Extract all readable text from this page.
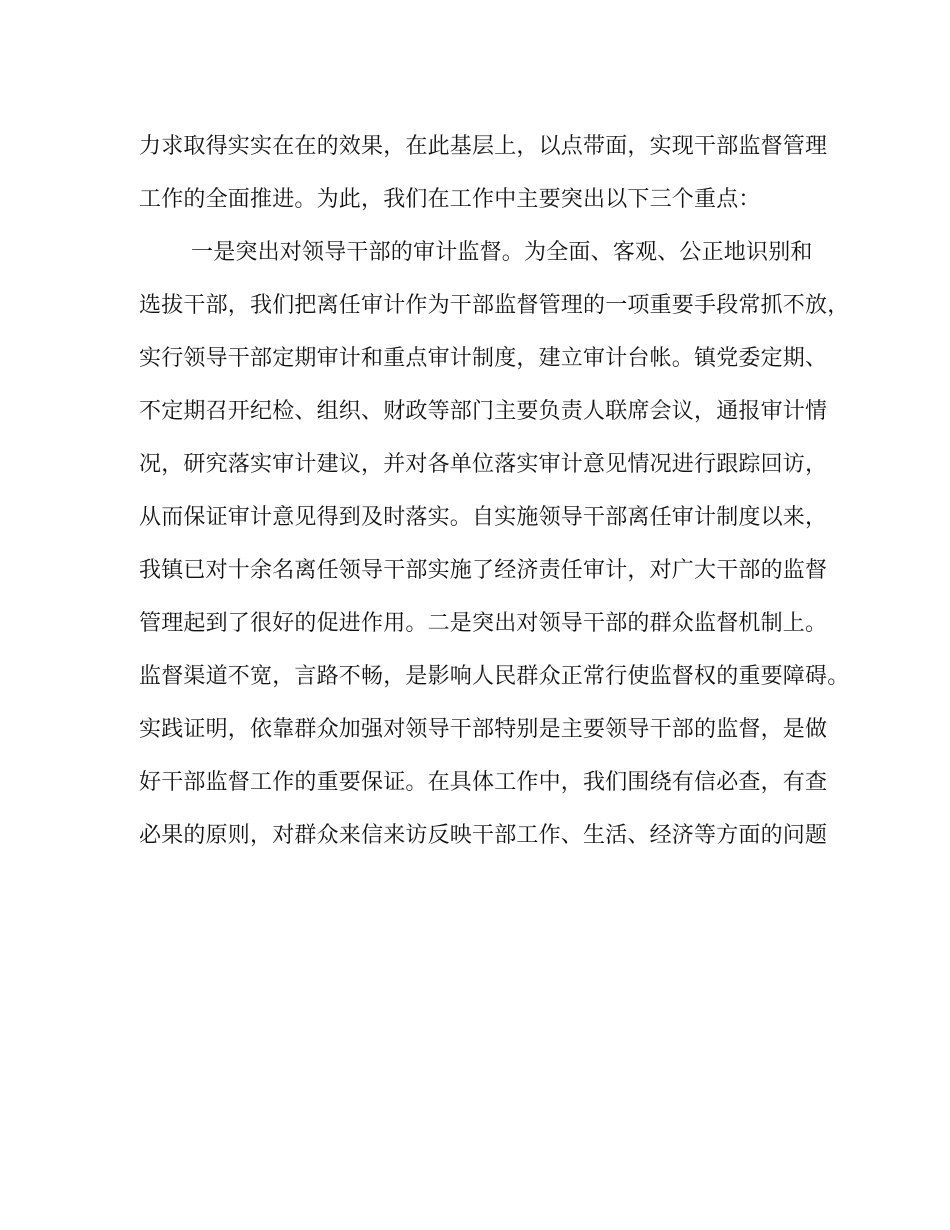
力求取得实实在在的效果，在此基层上，以点带面，实现干部监督管理
工作的全面推进。为此，我们在工作中主要突出以下三个重点：
一是突出对领导干部的审计监督。为全面、客观、公正地识别和
选拔干部，我们把离任审计作为干部监督管理的一项重要手段常抓不放，
实行领导干部定期审计和重点审计制度，建立审计台帐。镇党委定期、
不定期召开纪检、组织、财政等部门主要负责人联席会议，通报审计情
况，研究落实审计建议，并对各单位落实审计意见情况进行跟踪回访，
从而保证审计意见得到及时落实。自实施领导干部离任审计制度以来，
我镇已对十余名离任领导干部实施了经济责任审计，对广大干部的监督
管理起到了很好的促进作用。二是突出对领导干部的群众监督机制上。
监督渠道不宽，言路不畅，是影响人民群众正常行使监督权的重要障碍。
实践证明，依靠群众加强对领导干部特别是主要领导干部的监督，是做
好干部监督工作的重要保证。在具体工作中，我们围绕有信必查，有查
必果的原则，对群众来信来访反映干部工作、生活、经济等方面的问题
